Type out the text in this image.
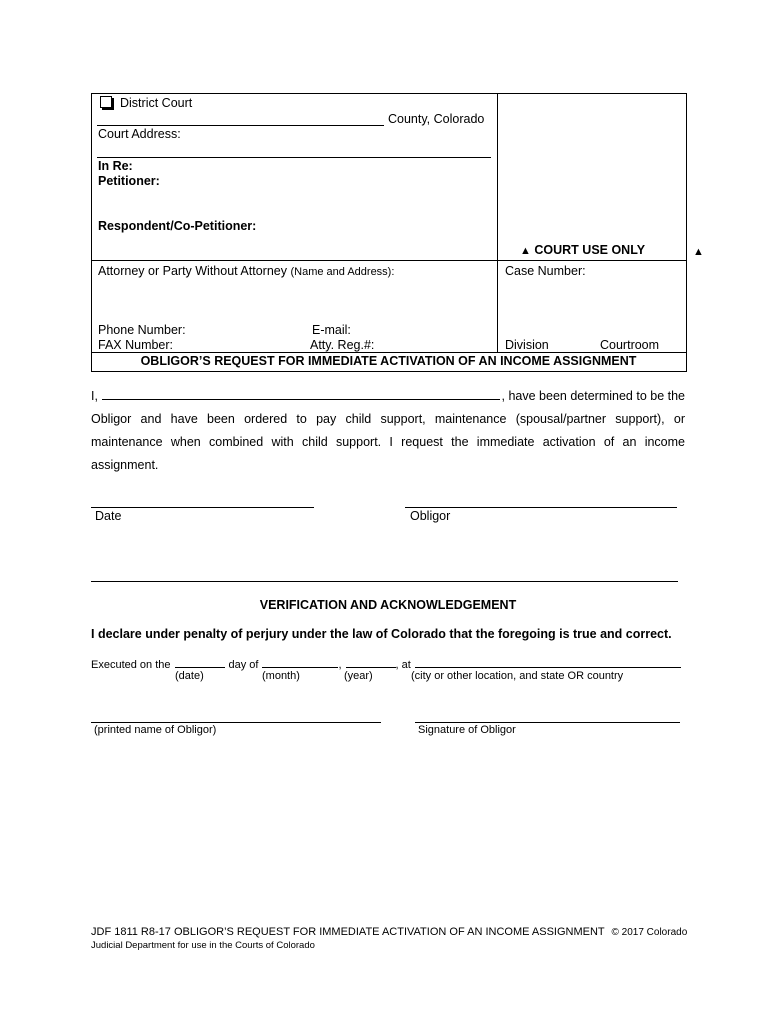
District Court
County, Colorado
Court Address:
In Re:
Petitioner:
Respondent/Co-Petitioner:
▲ COURT USE ONLY	▲
Attorney or Party Without Attorney (Name and Address):	Case Number:
Phone Number:	E-mail:
FAX Number:	Atty. Reg.#:	Division	Courtroom
OBLIGOR’S REQUEST FOR IMMEDIATE ACTIVATION OF AN INCOME ASSIGNMENT
I,	, have been determined to be the
Obligor and have been ordered to pay child support, maintenance (spousal/partner support), or
maintenance when combined with child support. I request the immediate activation of an income
assignment.
Date	Obligor
VERIFICATION AND ACKNOWLEDGEMENT
I declare under penalty of perjury under the law of Colorado that the foregoing is true and correct.
Executed on the	day of	,	, at
(date)	(month)	(year)	(city or other location, and state OR country
(printed name of Obligor)	Signature of Obligor
JDF 1811 R8-17 OBLIGOR’S REQUEST FOR IMMEDIATE ACTIVATION OF AN INCOME ASSIGNMENT © 2017 Colorado
Judicial Department for use in the Courts of Colorado
